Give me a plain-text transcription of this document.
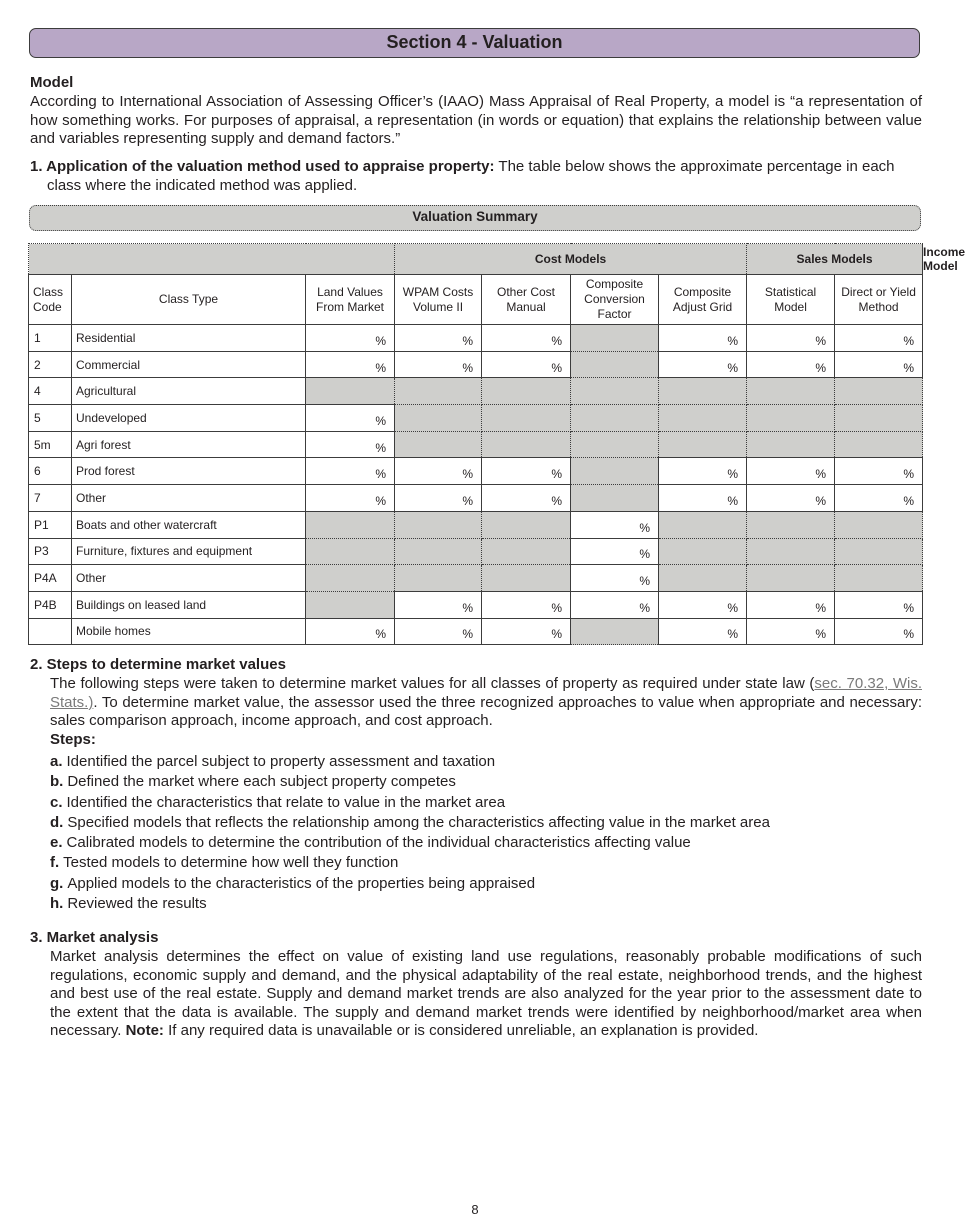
Section 4 - Valuation
Model

According to International Association of Assessing Officer’s (IAAO) Mass Appraisal of Real Property, a model is “a representation of how something works. For purposes of appraisal, a representation (in words or equation) that explains the relationship between value and variables representing supply and demand factors.”

1. Application of the valuation method used to appraise property: The table below shows the approximate percentage in each
class where the indicated method was applied.
Valuation Summary
			Cost Models				Sales Models		Income Model
Class Code	Class Type	Land Values From Market	WPAM Costs Volume II	Other Cost Manual	Composite Conversion Factor	Composite Adjust Grid	Statistical Model	Direct or Yield Method	
1	Residential	%	%	%		%	%	%	
2	Commercial	%	%	%		%	%	%	
4	Agricultural								
5	Undeveloped	%							
5m	Agri forest	%							
6	Prod forest	%	%	%		%	%	%	
7	Other	%	%	%		%	%	%	
P1	Boats and other watercraft				%				
P3	Furniture, fixtures and equipment				%				
P4A	Other				%				
P4B	Buildings on leased land		%	%	%	%	%	%	
	Mobile homes	%	%	%		%	%	%	
2. Steps to determine market values

The following steps were taken to determine market values for all classes of property as required under state law (sec. 70.32, Wis. Stats.). To determine market value, the assessor used the three recognized approaches to value when appropriate and necessary: sales comparison approach, income approach, and cost approach.

Steps:
a. Identified the parcel subject to property assessment and taxation
b. Defined the market where each subject property competes
c. Identified the characteristics that relate to value in the market area
d. Specified models that reflects the relationship among the characteristics affecting value in the market area
e. Calibrated models to determine the contribution of the individual characteristics affecting value
f. Tested models to determine how well they function
g. Applied models to the characteristics of the properties being appraised
h. Reviewed the results
3. Market analysis

Market analysis determines the effect on value of existing land use regulations, reasonably probable modifications of such regulations, economic supply and demand, and the physical adaptability of the real estate, neighborhood trends, and the highest and best use of the real estate. Supply and demand market trends are also analyzed for the year prior to the assessment date to the extent that the data is available. The supply and demand market trends were identified by neighborhood/market area when necessary. Note: If any required data is unavailable or is considered unreliable, an explanation is provided.

8
